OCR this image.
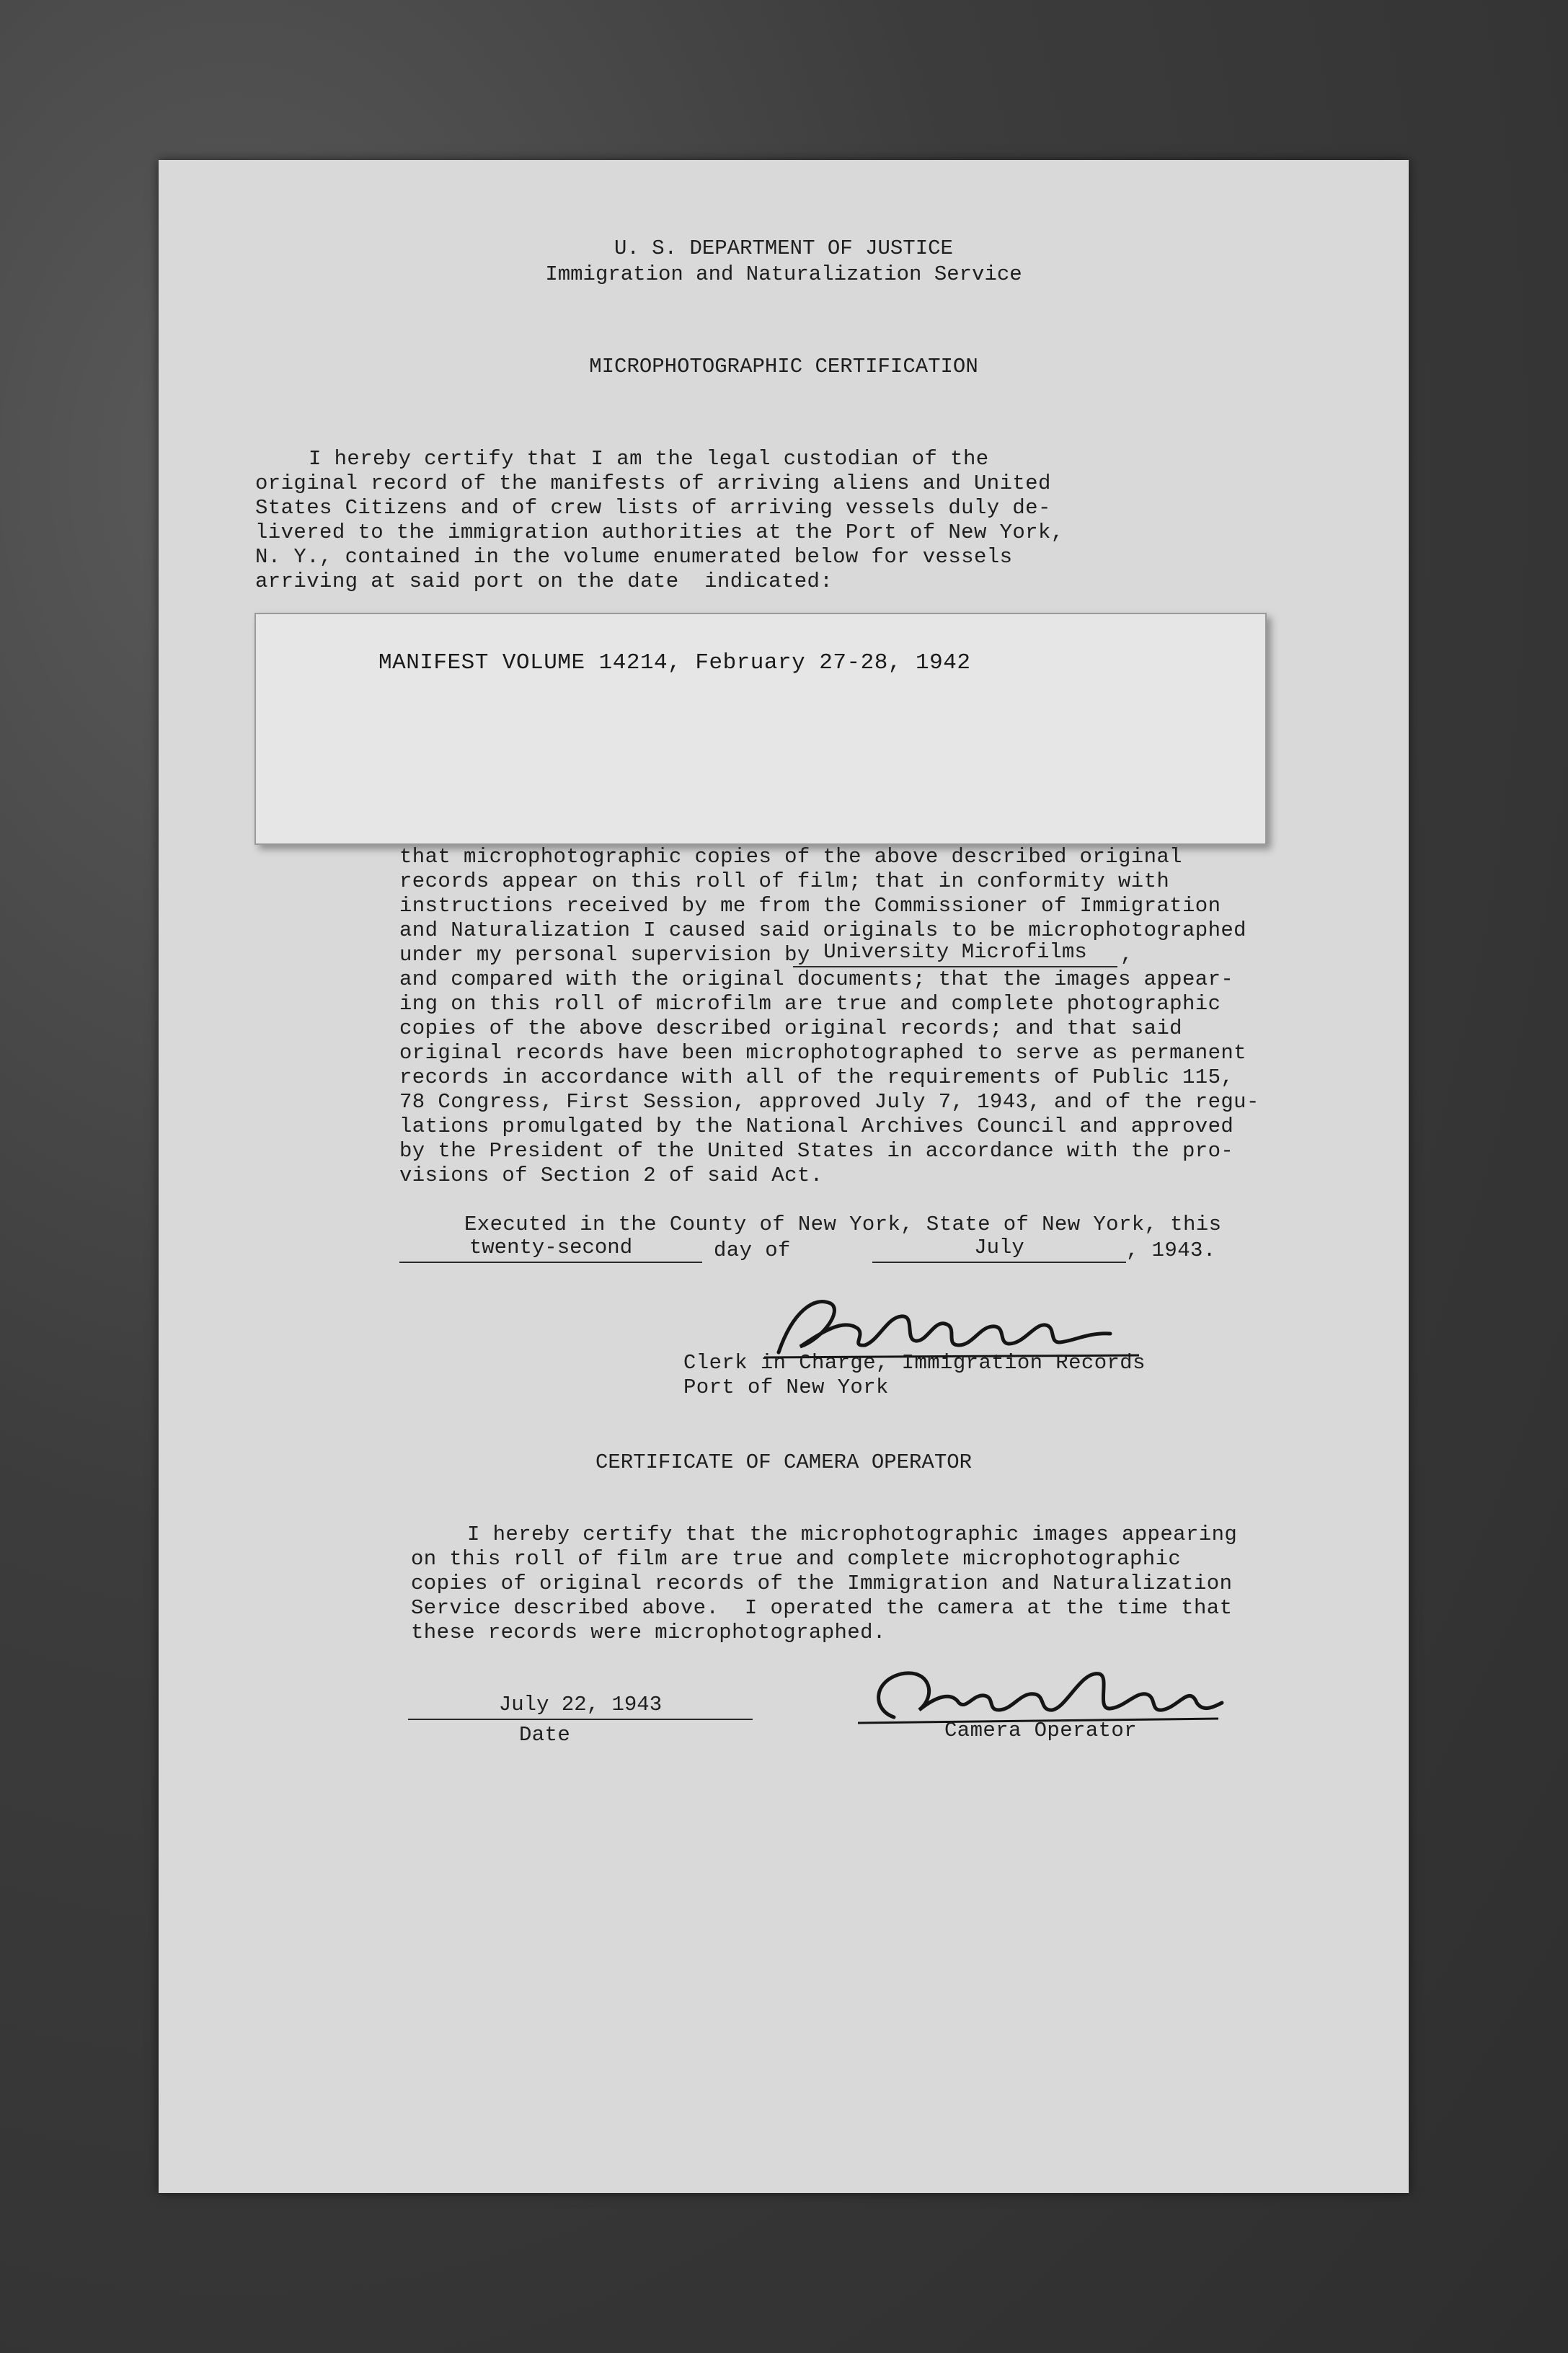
U. S. DEPARTMENT OF JUSTICE
Immigration and Naturalization Service
MICROPHOTOGRAPHIC CERTIFICATION
I hereby certify that I am the legal custodian of the
original record of the manifests of arriving aliens and United
States Citizens and of crew lists of arriving vessels duly de-
livered to the immigration authorities at the Port of New York,
N. Y., contained in the volume enumerated below for vessels
arriving at said port on the date  indicated:
MANIFEST VOLUME 14214, February 27-28, 1942
that microphotographic copies of the above described original
records appear on this roll of film; that in conformity with
instructions received by me from the Commissioner of Immigration
and Naturalization I caused said originals to be microphotographed
under my personal supervision by University Microfilms	,
and compared with the original documents; that the images appear-
ing on this roll of microfilm are true and complete photographic
copies of the above described original records; and that said
original records have been microphotographed to serve as permanent
records in accordance with all of the requirements of Public 115,
78 Congress, First Session, approved July 7, 1943, and of the regu-
lations promulgated by the National Archives Council and approved
by the President of the United States in accordance with the pro-
visions of Section 2 of said Act.
Executed in the County of New York, State of New York, this
twenty-second	day of	July	, 1943.
Clerk in Charge, Immigration Records
Port of New York
CERTIFICATE OF CAMERA OPERATOR
I hereby certify that the microphotographic images appearing
on this roll of film are true and complete microphotographic
copies of original records of the Immigration and Naturalization
Service described above.  I operated the camera at the time that
these records were microphotographed.
July 22, 1943
Date	Camera Operator
